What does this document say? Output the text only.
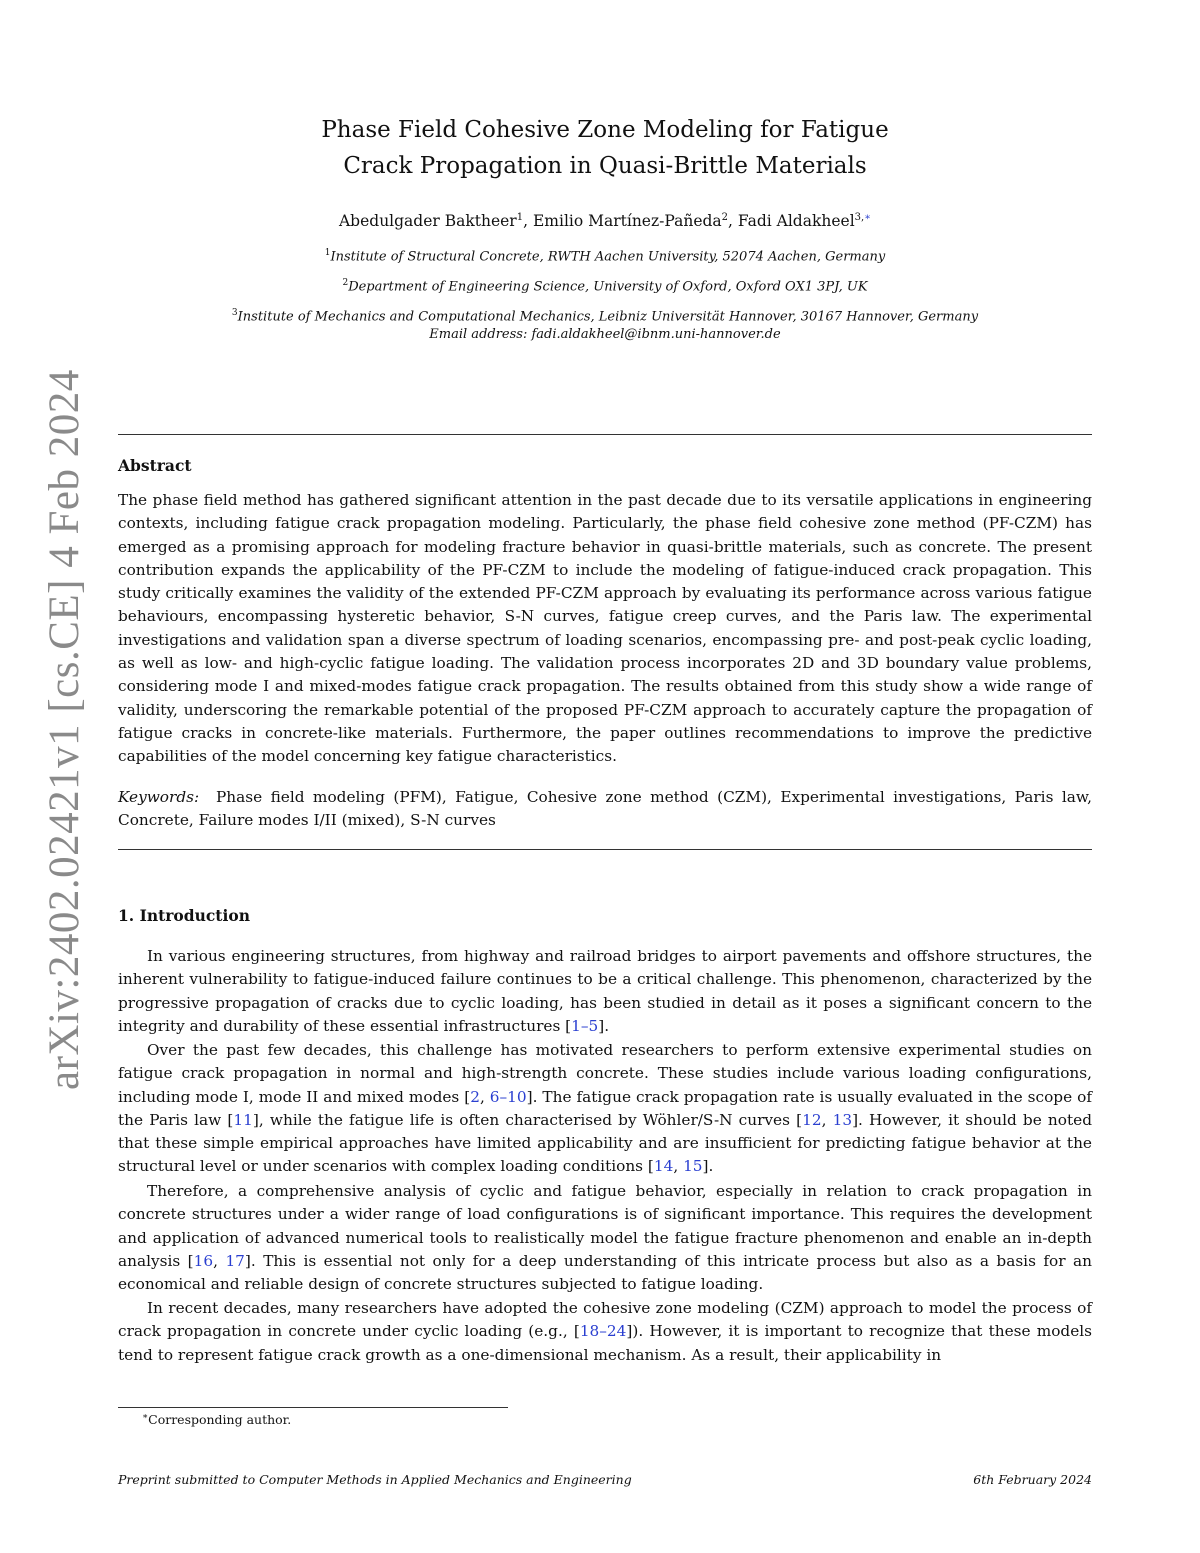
arXiv:2402.02421v1 [cs.CE] 4 Feb 2024
Phase Field Cohesive Zone Modeling for Fatigue
Crack Propagation in Quasi-Brittle Materials
Abedulgader Baktheer$^1$, Emilio Martínez-Pañeda$^2$, Fadi Aldakheel$^{3,∗}$
$^1$Institute of Structural Concrete, RWTH Aachen University, 52074 Aachen, Germany
$^2$Department of Engineering Science, University of Oxford, Oxford OX1 3PJ, UK
$^3$Institute of Mechanics and Computational Mechanics, Leibniz Universität Hannover, 30167 Hannover, Germany
Email address: fadi.aldakheel@ibnm.uni-hannover.de
Abstract

The phase field method has gathered significant attention in the past decade due to its versatile applications in engineering contexts, including fatigue crack propagation modeling. Particularly, the phase field cohesive zone method (PF-CZM) has emerged as a promising approach for modeling fracture behavior in quasi-brittle materials, such as concrete. The present contribution expands the applicability of the PF-CZM to include the modeling of fatigue-induced crack propagation. This study critically examines the validity of the extended PF-CZM approach by evaluating its performance across various fatigue behaviours, encompassing hysteretic behavior, S-N curves, fatigue creep curves, and the Paris law. The experimental investigations and validation span a diverse spectrum of loading scenarios, encompassing pre- and post-peak cyclic loading, as well as low- and high-cyclic fatigue loading. The validation process incorporates 2D and 3D boundary value problems, considering mode I and mixed-modes fatigue crack propagation. The results obtained from this study show a wide range of validity, underscoring the remarkable potential of the proposed PF-CZM approach to accurately capture the propagation of fatigue cracks in concrete-like materials. Furthermore, the paper outlines recommendations to improve the predictive capabilities of the model concerning key fatigue characteristics.

Keywords: Phase field modeling (PFM), Fatigue, Cohesive zone method (CZM), Experimental investigations, Paris law, Concrete, Failure modes I/II (mixed), S-N curves

1. Introduction

In various engineering structures, from highway and railroad bridges to airport pavements and offshore structures, the inherent vulnerability to fatigue-induced failure continues to be a critical challenge. This phenomenon, characterized by the progressive propagation of cracks due to cyclic loading, has been studied in detail as it poses a significant concern to the integrity and durability of these essential infrastructures [1–5].

Over the past few decades, this challenge has motivated researchers to perform extensive experimental studies on fatigue crack propagation in normal and high-strength concrete. These studies include various loading configurations, including mode I, mode II and mixed modes [2, 6–10]. The fatigue crack propagation rate is usually evaluated in the scope of the Paris law [11], while the fatigue life is often characterised by Wöhler/S-N curves [12, 13]. However, it should be noted that these simple empirical approaches have limited applicability and are insufficient for predicting fatigue behavior at the structural level or under scenarios with complex loading conditions [14, 15].

Therefore, a comprehensive analysis of cyclic and fatigue behavior, especially in relation to crack propagation in concrete structures under a wider range of load configurations is of significant importance. This requires the development and application of advanced numerical tools to realistically model the fatigue fracture phenomenon and enable an in-depth analysis [16, 17]. This is essential not only for a deep understanding of this intricate process but also as a basis for an economical and reliable design of concrete structures subjected to fatigue loading.

In recent decades, many researchers have adopted the cohesive zone modeling (CZM) approach to model the process of crack propagation in concrete under cyclic loading (e.g., [18–24]). However, it is important to recognize that these models tend to represent fatigue crack growth as a one-dimensional mechanism. As a result, their applicability in

∗Corresponding author.
Preprint submitted to Computer Methods in Applied Mechanics and Engineering	6th February 2024
